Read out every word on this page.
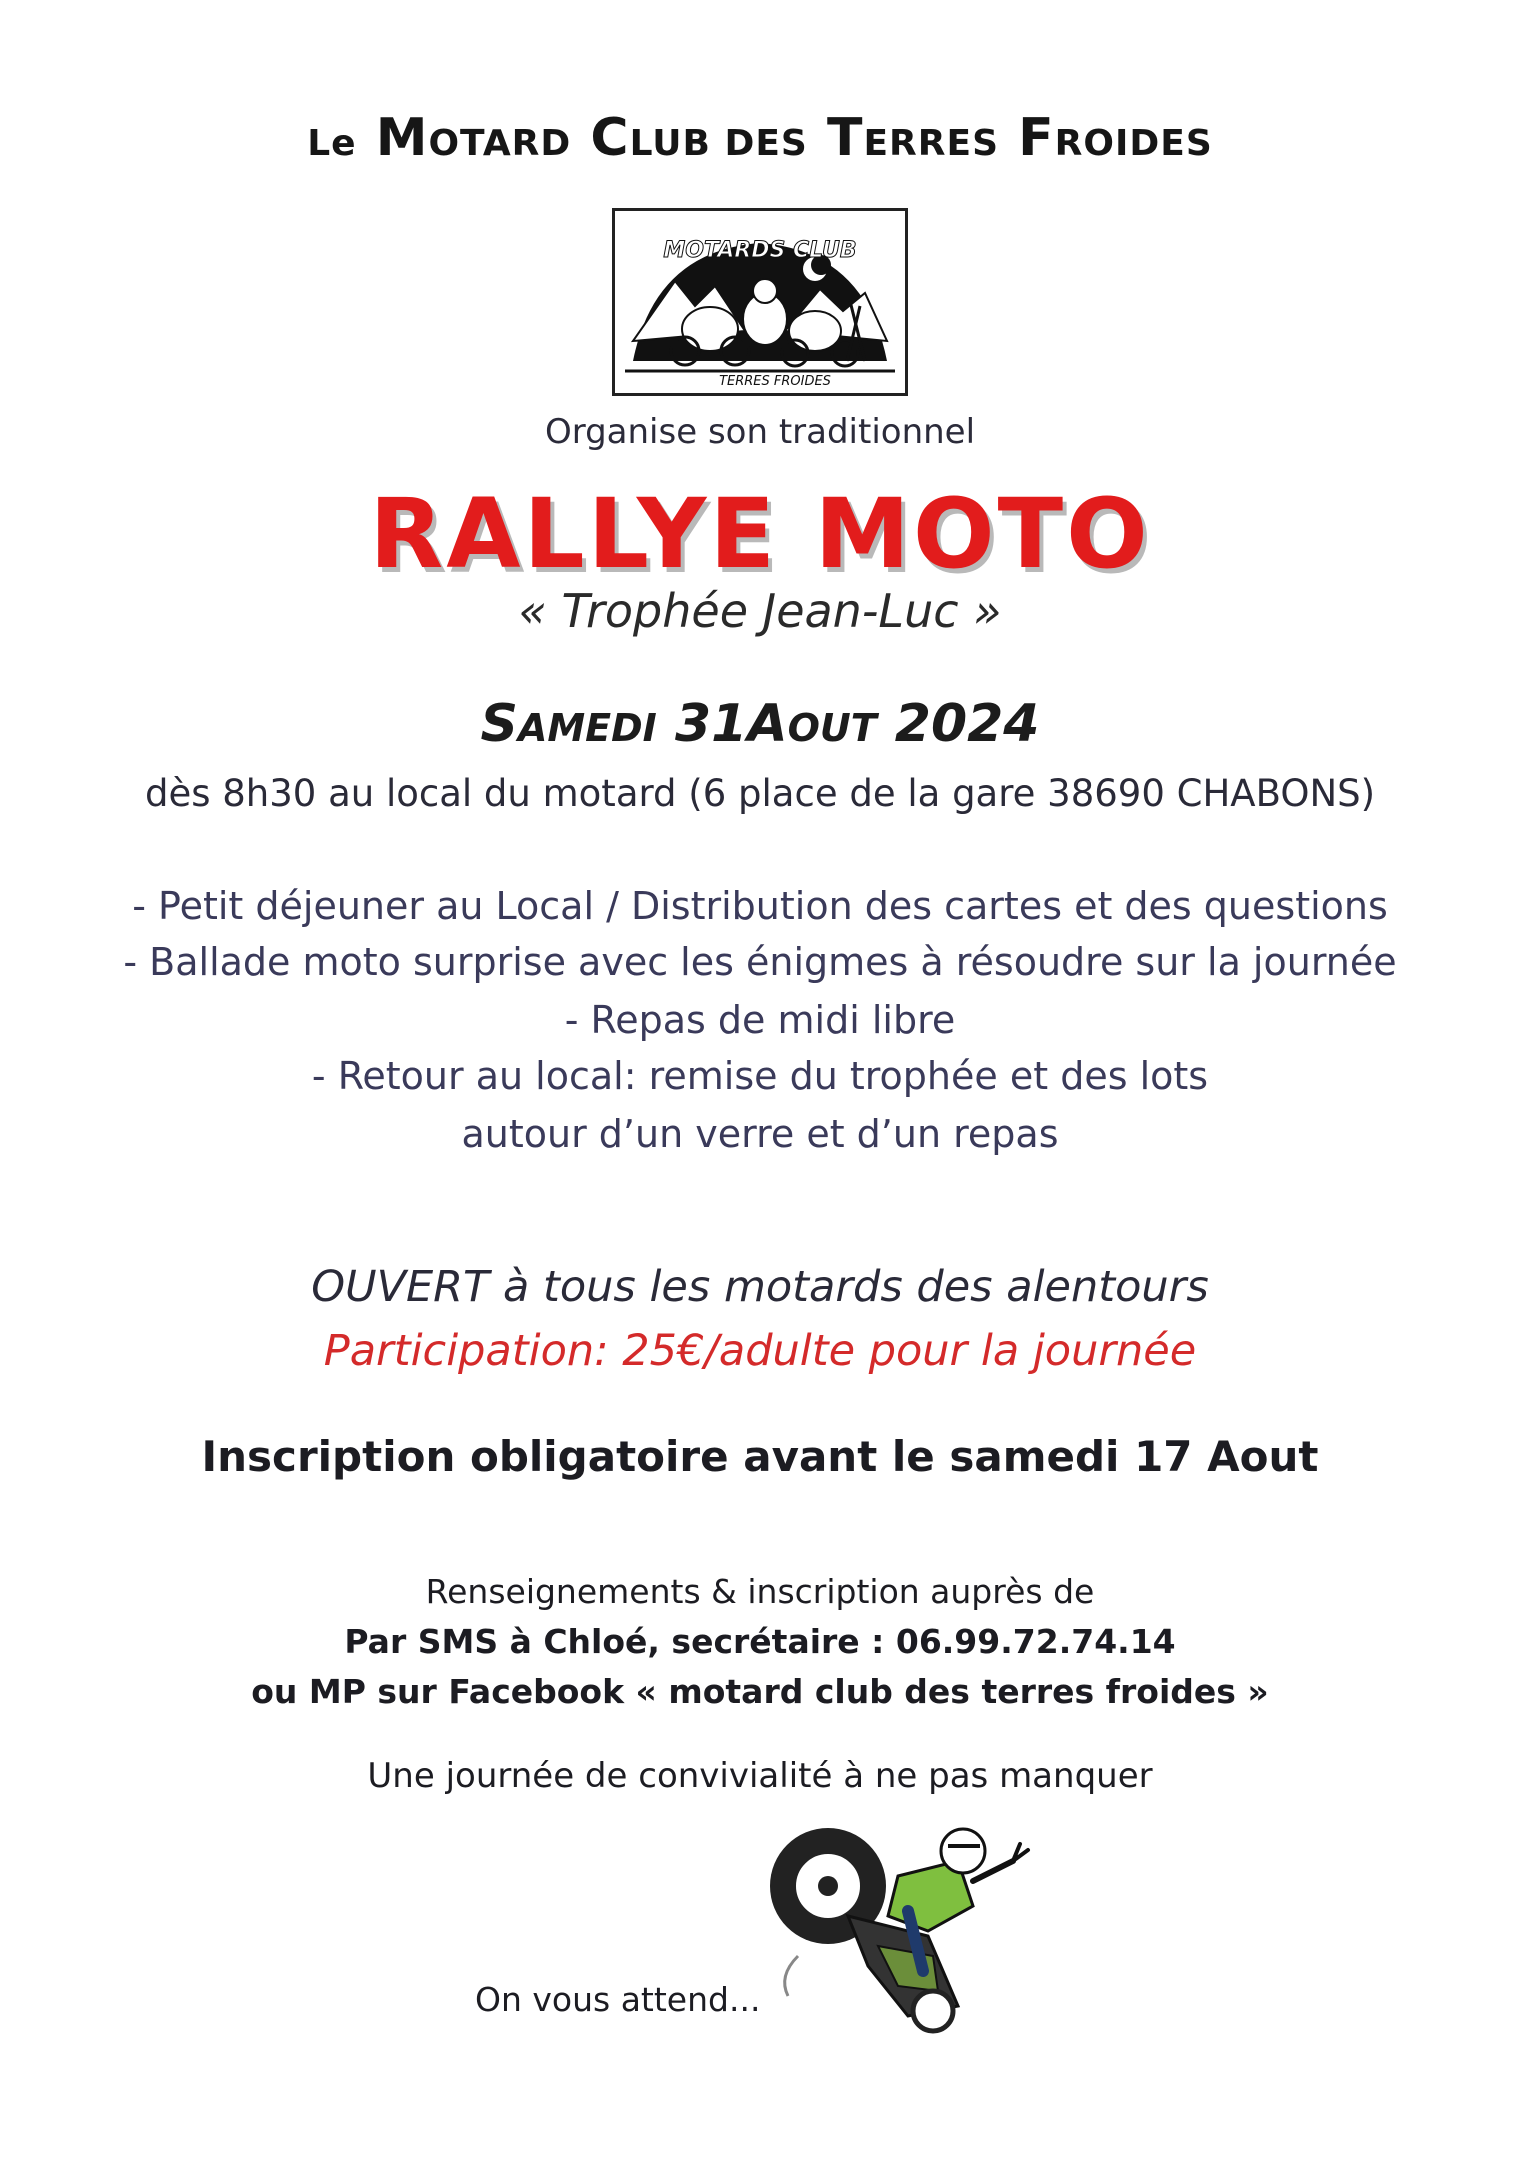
Le MOTARD CLUB DES TERRES FROIDES
MOTARDS CLUB
TERRES FROIDES
Organise son traditionnel
RALLYE MOTO
« Trophée Jean-Luc »
SAMEDI 31AOUT 2024
dès 8h30 au local du motard (6 place de la gare 38690 CHABONS)
- Petit déjeuner au Local / Distribution des cartes et des questions
- Ballade moto surprise avec les énigmes à résoudre sur la journée
- Repas de midi libre
- Retour au local: remise du trophée et des lots
autour d’un verre et d’un repas
OUVERT à tous les motards des alentours
Participation: 25€/adulte pour la journée
Inscription obligatoire avant le samedi 17 Aout
Renseignements & inscription auprès de
Par SMS à Chloé, secrétaire : 06.99.72.74.14
ou MP sur Facebook « motard club des terres froides »
Une journée de convivialité à ne pas manquer
On vous attend...
